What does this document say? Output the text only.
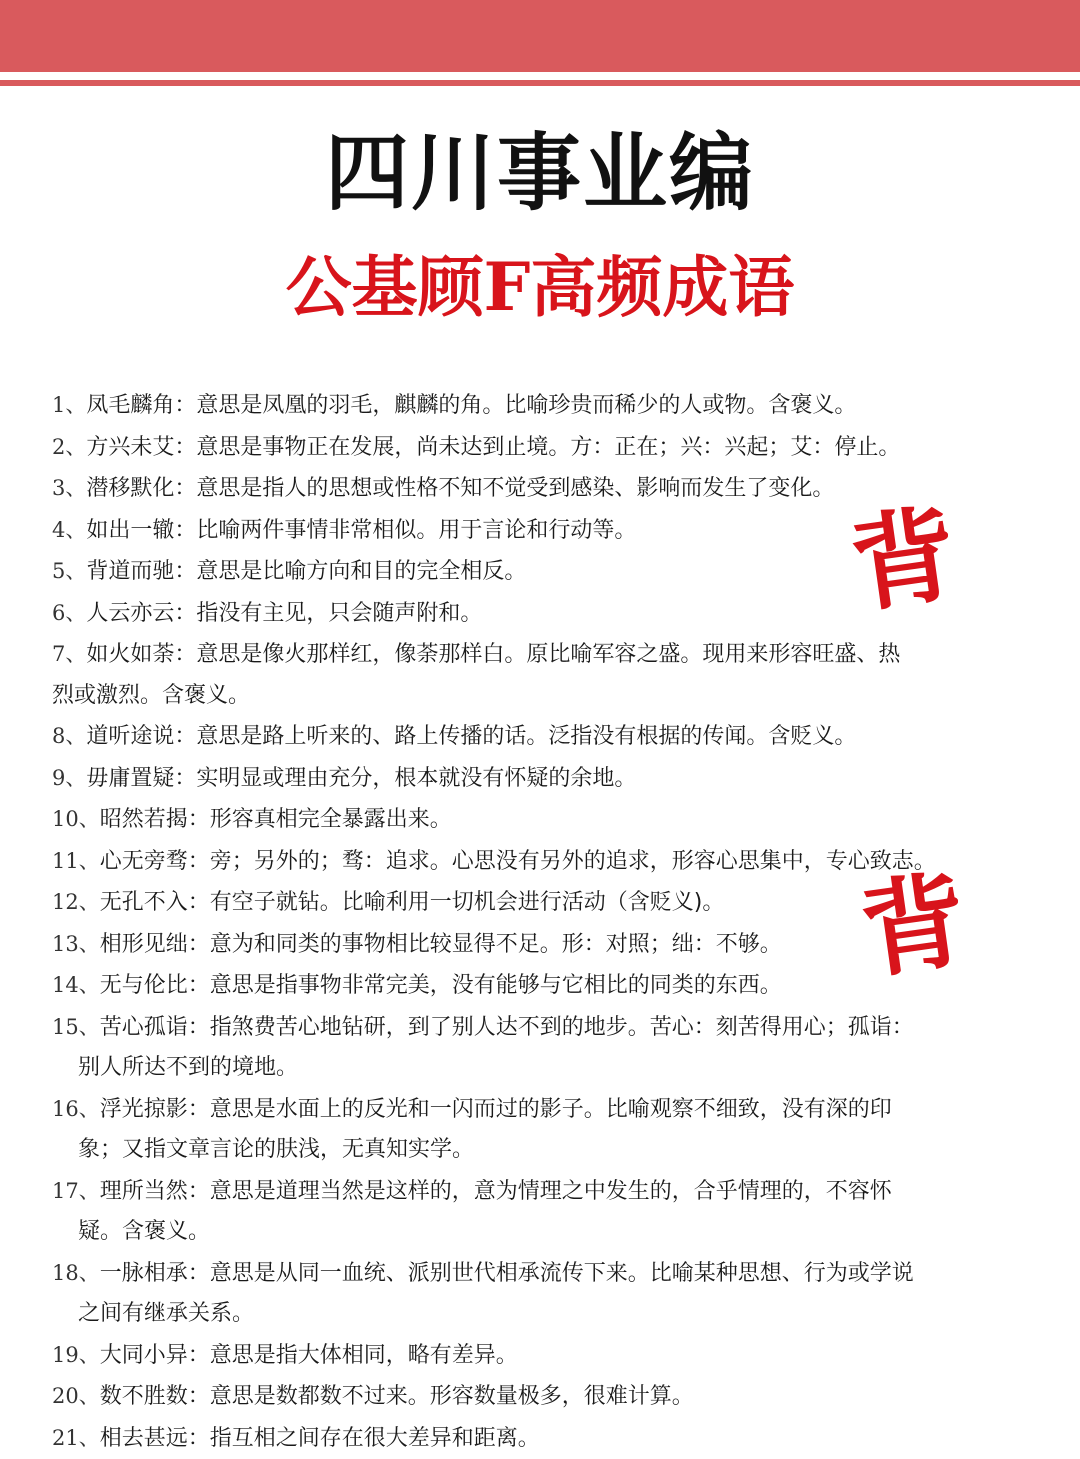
四川事业编
公基顾F高频成语
1、凤毛麟角：意思是凤凰的羽毛，麒麟的角。比喻珍贵而稀少的人或物。含褒义。
2、方兴未艾：意思是事物正在发展，尚未达到止境。方：正在；兴：兴起；艾：停止。
3、潜移默化：意思是指人的思想或性格不知不觉受到感染、影响而发生了变化。
4、如出一辙：比喻两件事情非常相似。用于言论和行动等。
5、背道而驰：意思是比喻方向和目的完全相反。
6、人云亦云：指没有主见，只会随声附和。
7、如火如荼：意思是像火那样红，像荼那样白。原比喻军容之盛。现用来形容旺盛、热
烈或激烈。含褒义。
8、道听途说：意思是路上听来的、路上传播的话。泛指没有根据的传闻。含贬义。
9、毋庸置疑：实明显或理由充分，根本就没有怀疑的余地。
10、昭然若揭：形容真相完全暴露出来。
11、心无旁骛：旁；另外的；骛：追求。心思没有另外的追求，形容心思集中，专心致志。
12、无孔不入：有空子就钻。比喻利用一切机会进行活动（含贬义)。
13、相形见绌：意为和同类的事物相比较显得不足。形：对照；绌：不够。
14、无与伦比：意思是指事物非常完美，没有能够与它相比的同类的东西。
15、苦心孤诣：指煞费苦心地钻研，到了别人达不到的地步。苦心：刻苦得用心；孤诣：
别人所达不到的境地。
16、浮光掠影：意思是水面上的反光和一闪而过的影子。比喻观察不细致，没有深的印
象；又指文章言论的肤浅，无真知实学。
17、理所当然：意思是道理当然是这样的，意为情理之中发生的，合乎情理的，不容怀
疑。含褒义。
18、一脉相承：意思是从同一血统、派别世代相承流传下来。比喻某种思想、行为或学说
之间有继承关系。
19、大同小异：意思是指大体相同，略有差异。
20、数不胜数：意思是数都数不过来。形容数量极多，很难计算。
21、相去甚远：指互相之间存在很大差异和距离。
背
背
